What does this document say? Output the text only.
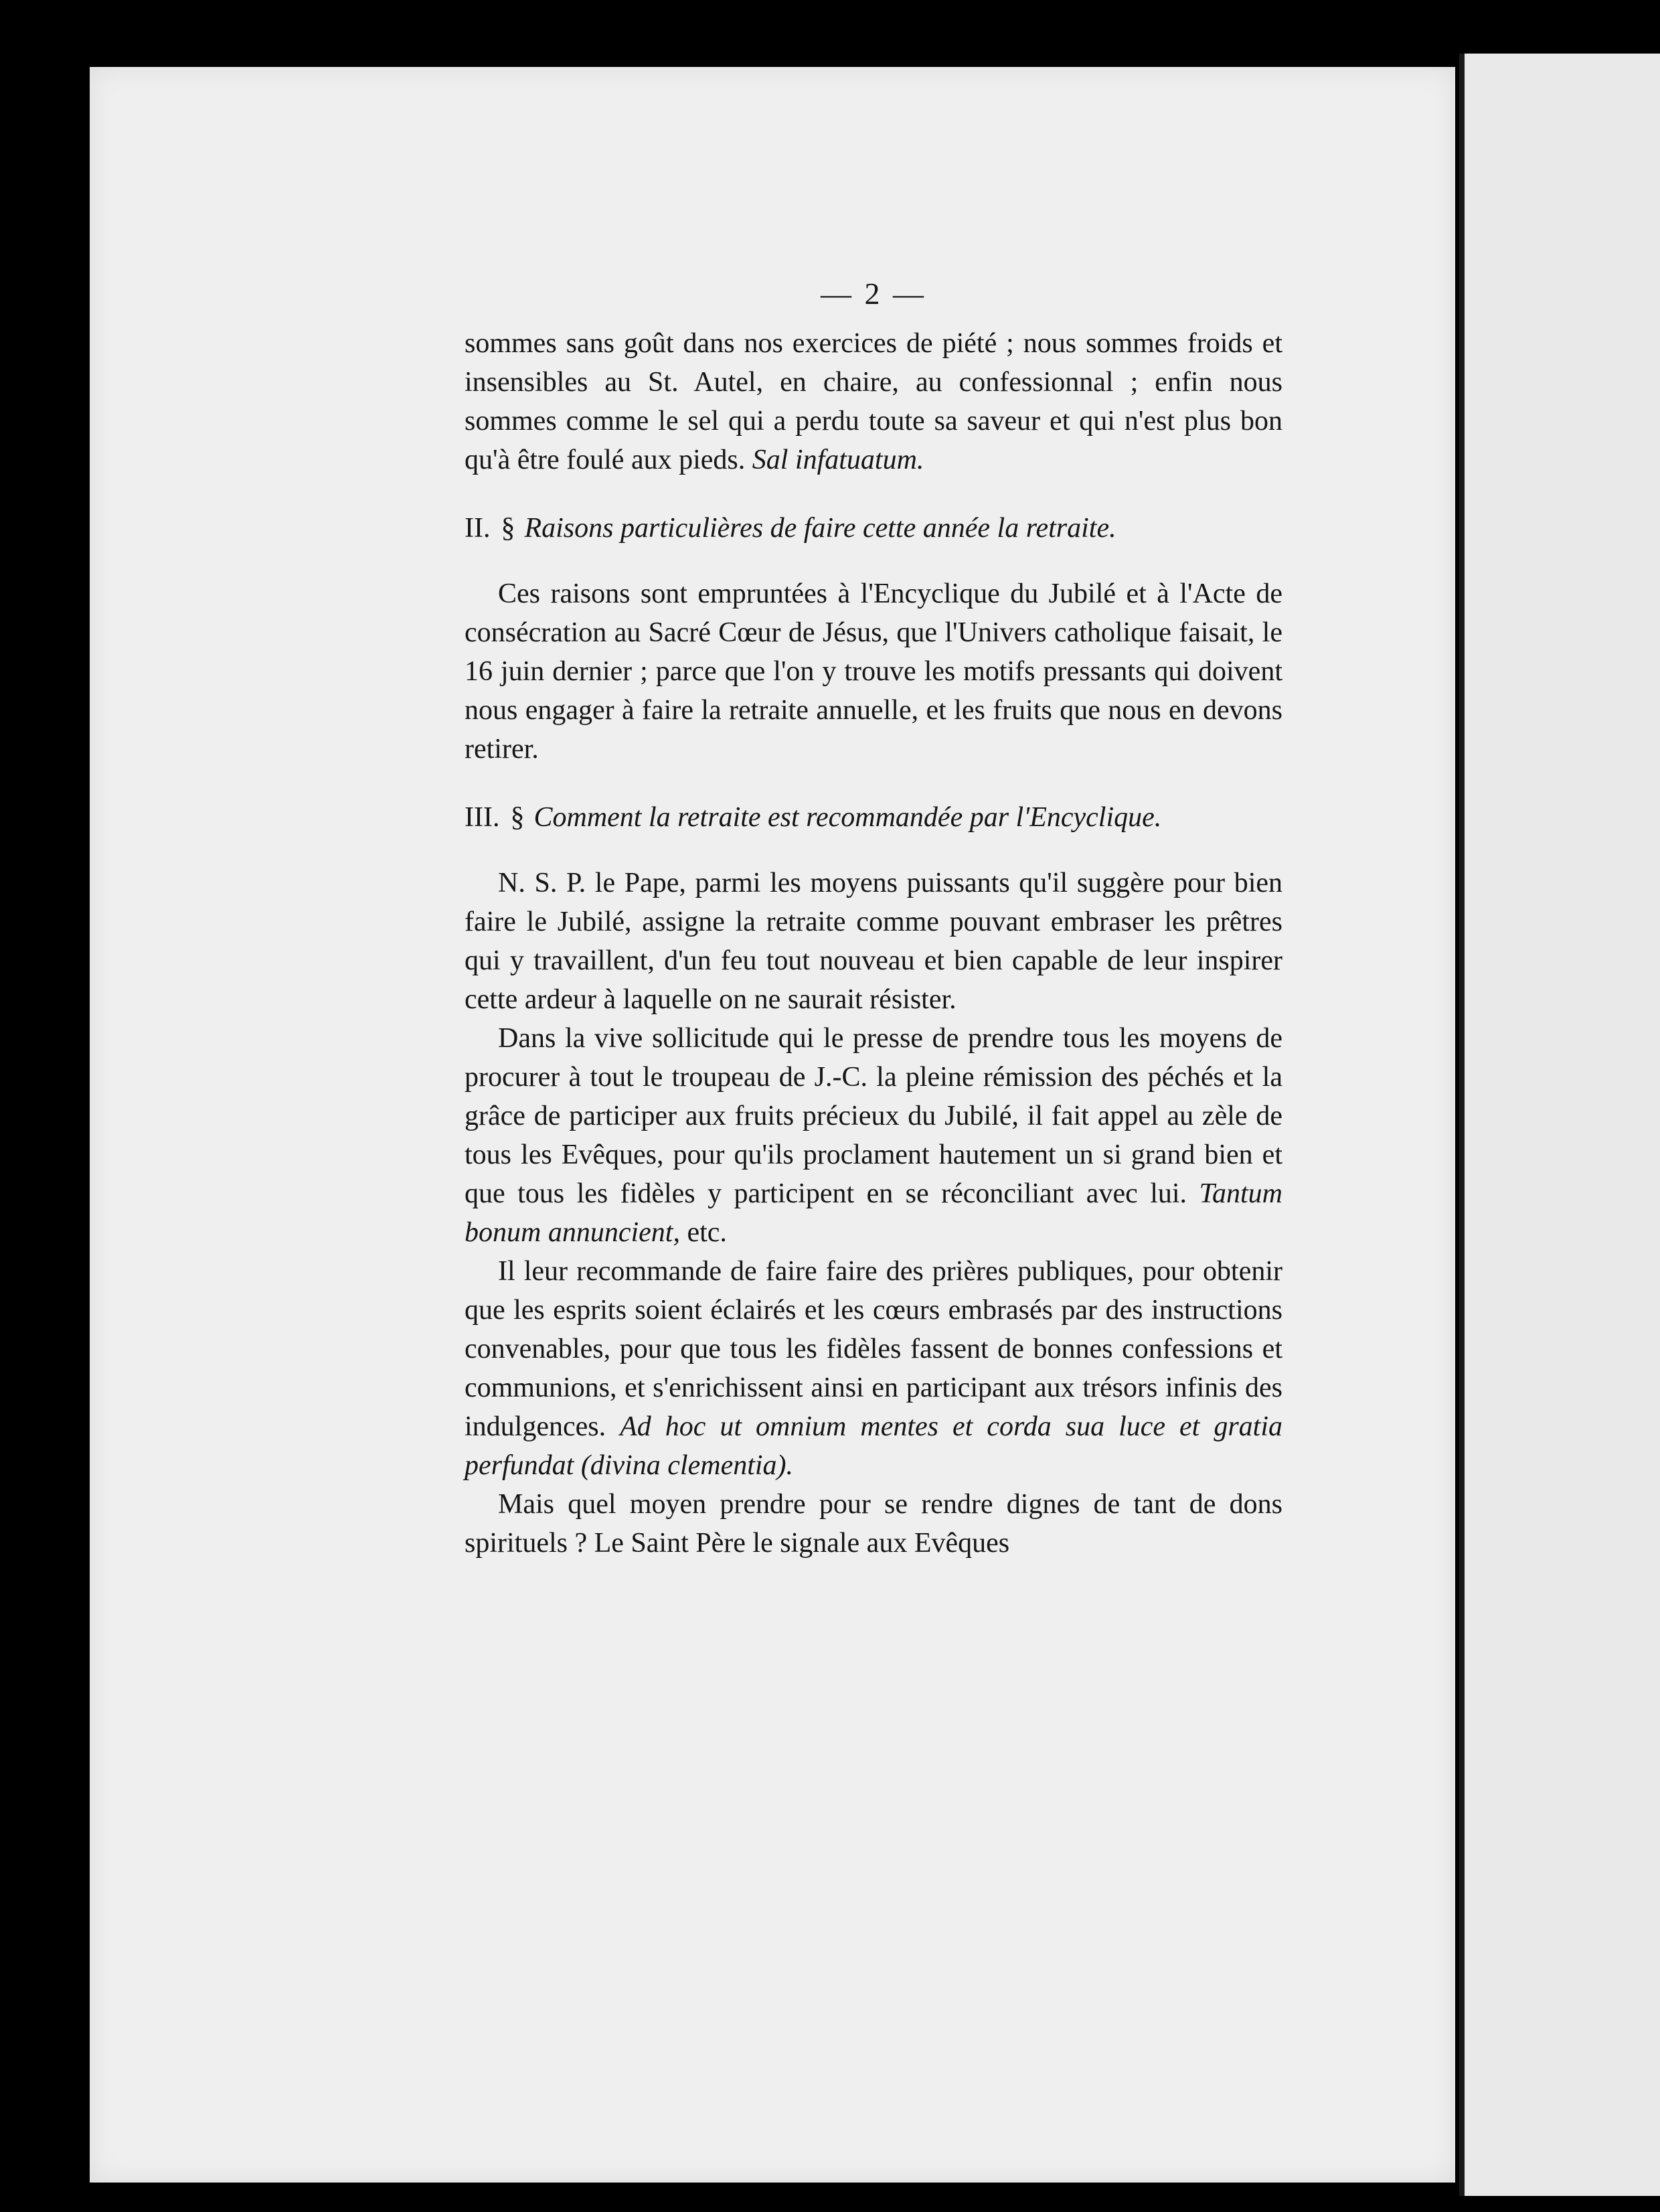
— 2 —

sommes sans goût dans nos exercices de piété ; nous sommes froids et insensibles au St. Autel, en chaire, au confessionnal ; enfin nous sommes comme le sel qui a perdu toute sa saveur et qui n'est plus bon qu'à être foulé aux pieds. Sal infatuatum.

II. § Raisons particulières de faire cette année la retraite.

Ces raisons sont empruntées à l'Encyclique du Jubilé et à l'Acte de consécration au Sacré Cœur de Jésus, que l'Univers catholique faisait, le 16 juin dernier ; parce que l'on y trouve les motifs pressants qui doivent nous engager à faire la retraite annuelle, et les fruits que nous en devons retirer.

III. § Comment la retraite est recommandée par l'Encyclique.

N. S. P. le Pape, parmi les moyens puissants qu'il suggère pour bien faire le Jubilé, assigne la retraite comme pouvant embraser les prêtres qui y travaillent, d'un feu tout nouveau et bien capable de leur inspirer cette ardeur à laquelle on ne saurait résister.

Dans la vive sollicitude qui le presse de prendre tous les moyens de procurer à tout le troupeau de J.-C. la pleine rémission des péchés et la grâce de participer aux fruits précieux du Jubilé, il fait appel au zèle de tous les Evêques, pour qu'ils proclament hautement un si grand bien et que tous les fidèles y participent en se réconciliant avec lui. Tantum bonum annuncient, etc.

Il leur recommande de faire faire des prières publiques, pour obtenir que les esprits soient éclairés et les cœurs embrasés par des instructions convenables, pour que tous les fidèles fassent de bonnes confessions et communions, et s'enrichissent ainsi en participant aux trésors infinis des indulgences. Ad hoc ut omnium mentes et corda sua luce et gratia perfundat (divina clementia).

Mais quel moyen prendre pour se rendre dignes de tant de dons spirituels ? Le Saint Père le signale aux Evêques
